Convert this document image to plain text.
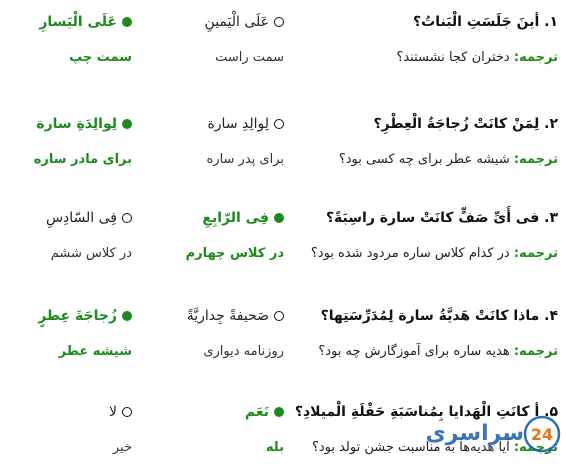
۱. أینَ جَلَسَتِ الْبَناتُ؟
ترجمه: دختران کجا نشستند؟
عَلَی الْیَمینِ
سمت راست
عَلَی الْیَسارِ
سمت چپ
۲. لِمَنْ کانَتْ زُجاجَةُ الْعِطْرِ؟
ترجمه: شیشه عطر برای چه کسی بود؟
لِوالِدِ سارة
برای پدر ساره
لِوالِدَةِ سارة
برای مادر ساره
۳. فی أَیِّ صَفٍّ کانَتْ سارة راسِبَةً؟
ترجمه: در کدام کلاس ساره مردود شده بود؟
فِی الرّابِعِ
در کلاس چهارم
فِی السّادِسِ
در کلاس ششم
۴. ماذا کانَتْ هَدیَّةُ سارة لِمُدَرِّسَتِها؟
ترجمه: هدیه ساره برای آموزگارش چه بود؟
صَحیفةً جِداریَّةً
روزنامه دیواری
زُجاجَةَ عِطرٍ
شیشه عطر
۵. أ کانَتِ الْهَدایا بِمُناسَبَةِ حَفْلَةِ الْمیلادِ؟
ترجمه: آیا هدیه‌ها به مناسبت جشن تولد بود؟
نَعَم
بله
لا
خیر
سراسری 24
